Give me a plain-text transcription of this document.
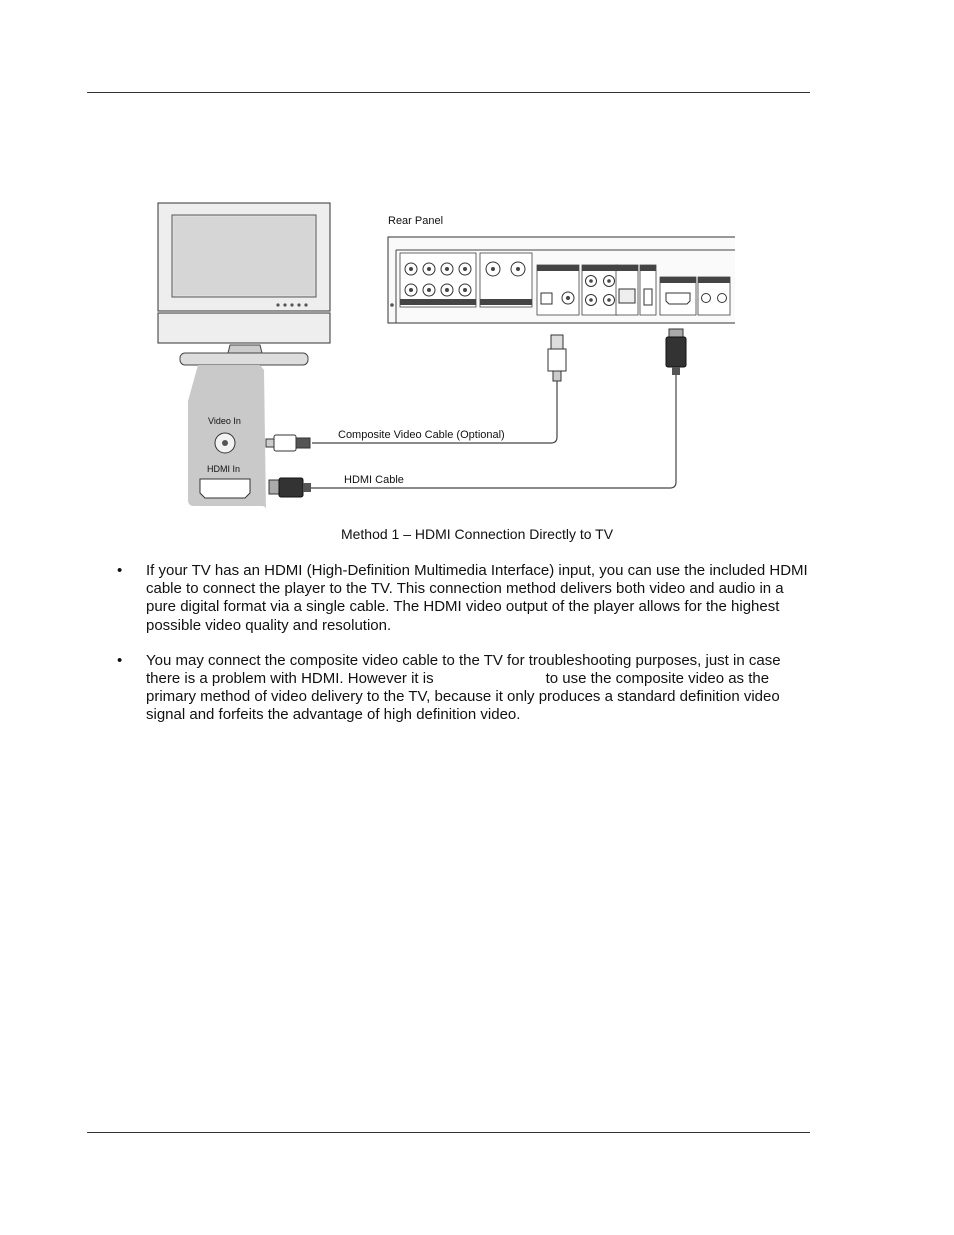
Video In
HDMI In
Rear Panel
Composite Video Cable (Optional)
HDMI Cable
Method 1 – HDMI Connection Directly to TV
• If your TV has an HDMI (High-Definition Multimedia Interface) input, you can use the included HDMI cable to connect the player to the TV. This connection method delivers both video and audio in a pure digital format via a single cable. The HDMI video output of the player allows for the highest possible video quality and resolution.
• You may connect the composite video cable to the TV for troubleshooting purposes, just in case there is a problem with HDMI. However it is	to use the composite video as the primary method of video delivery to the TV, because it only produces a standard definition video signal and forfeits the advantage of high definition video.
